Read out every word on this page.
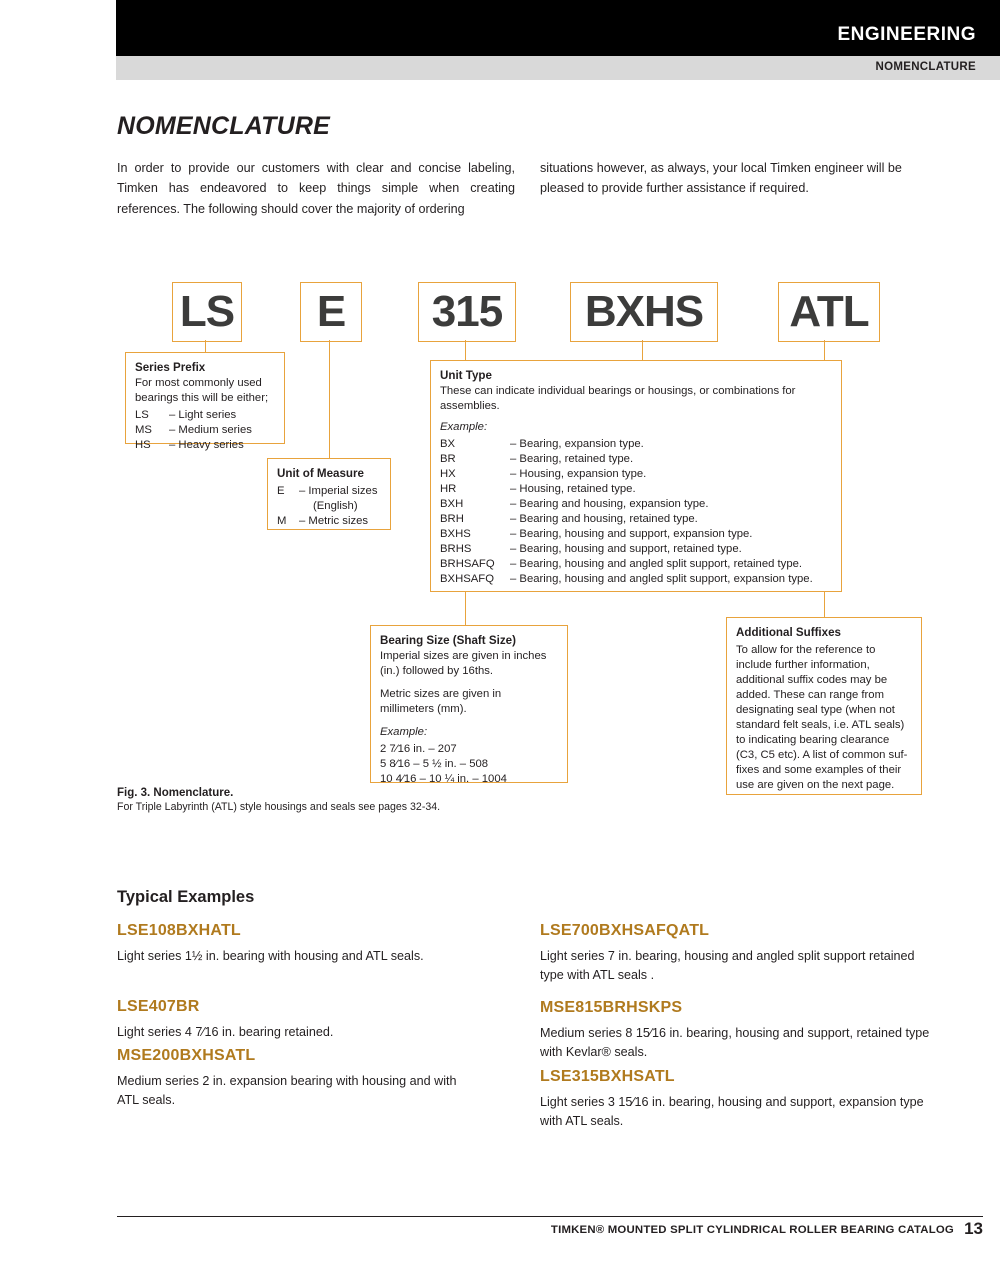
ENGINEERING
NOMENCLATURE
NOMENCLATURE
In order to provide our customers with clear and concise labeling, Timken has endeavored to keep things simple when creating references. The following should cover the majority of ordering
situations however, as always, your local Timken engineer will be pleased to provide further assistance if required.
LS	E	315	BXHS	ATL
Series Prefix
For most commonly used bearings this will be either;
LS	– Light series
MS	– Medium series
HS	– Heavy series
Unit of Measure
E	– Imperial sizes
(English)
M	– Metric sizes
Unit Type
These can indicate individual bearings or housings, or combinations for assemblies.
Example:
BX	– Bearing, expansion type.
BR	– Bearing, retained type.
HX	– Housing, expansion type.
HR	– Housing, retained type.
BXH	– Bearing and housing, expansion type.
BRH	– Bearing and housing, retained type.
BXHS	– Bearing, housing and support, expansion type.
BRHS	– Bearing, housing and support, retained type.
BRHSAFQ	– Bearing, housing and angled split support, retained type.
BXHSAFQ	– Bearing, housing and angled split support, expansion type.
Bearing Size (Shaft Size)
Imperial sizes are given in inches (in.) followed by 16ths.
Metric sizes are given in millimeters (mm).
Example:
2 7⁄16 in. – 207
5 8⁄16 – 5 ½ in. – 508
10 4⁄16 – 10 ¼ in. – 1004
Additional Suffixes
To allow for the reference to include further information, additional suffix codes may be added. These can range from designating seal type (when not standard felt seals, i.e. ATL seals) to indicating bearing clearance (C3, C5 etc). A list of common suf-fixes and some examples of their use are given on the next page.
Fig. 3. Nomenclature.
For Triple Labyrinth (ATL) style housings and seals see pages 32-34.
Typical Examples
LSE108BXHATL
Light series 1½ in. bearing with housing and ATL seals.
LSE407BR
Light series 4 7⁄16 in. bearing retained.
MSE200BXHSATL
Medium series 2 in. expansion bearing with housing and with ATL seals.
LSE700BXHSAFQATL
Light series 7 in. bearing, housing and angled split support retained type with ATL seals .
MSE815BRHSKPS
Medium series 8 15⁄16 in. bearing, housing and support, retained type with Kevlar® seals.
LSE315BXHSATL
Light series 3 15⁄16 in. bearing, housing and support, expansion type with ATL seals.
TIMKEN® MOUNTED SPLIT CYLINDRICAL ROLLER BEARING CATALOG 13
